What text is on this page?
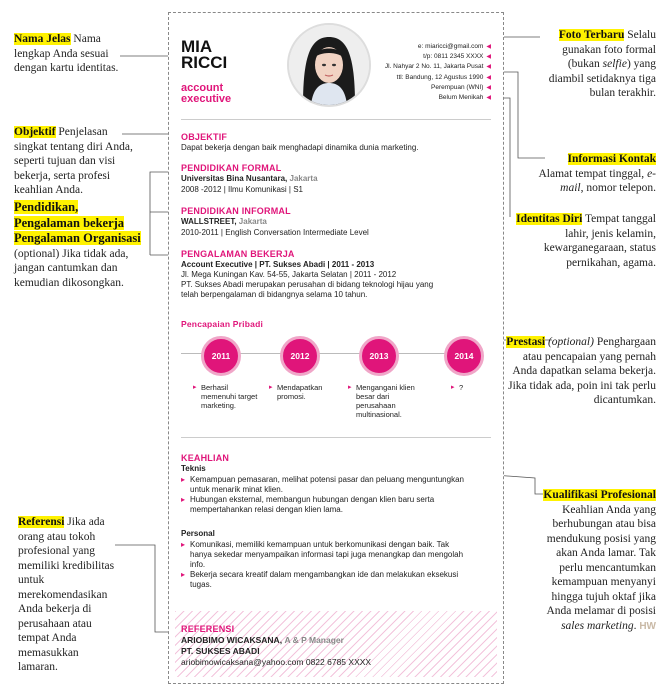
Nama Jelas Nama lengkap Anda sesuai dengan kartu identitas.
Objektif Penjelasan singkat tentang diri Anda, seperti tujuan dan visi bekerja, serta profesi keahlian Anda.
Pendidikan, Pengalaman bekerja Pengalaman Organisasi (optional) Jika tidak ada, jangan cantumkan dan kemudian dikosongkan.
Referensi Jika ada orang atau tokoh profesional yang memiliki kredibilitas untuk merekomendasikan Anda bekerja di perusahaan atau tempat Anda memasukkan lamaran.
Foto Terbaru Selalu gunakan foto formal (bukan selfie) yang diambil setidaknya tiga bulan terakhir.
Informasi Kontak
Alamat tempat tinggal, e-mail, nomor telepon.
Identitas Diri Tempat tanggal lahir, jenis kelamin, kewarganegaraan, status pernikahan, agama.
Prestasi (optional) Penghargaan atau pencapaian yang pernah Anda dapatkan selama bekerja. Jika tidak ada, poin ini tak perlu dicantumkan.
Kualifikasi Profesional
Keahlian Anda yang berhubungan atau bisa mendukung posisi yang akan Anda lamar. Tak perlu mencantumkan kemampuan menyanyi hingga tujuh oktaf jika Anda melamar di posisi sales marketing. HW
MIA
RICCI
account
executive
e: miaricci@gmail.com ◀
t/p: 0811 2345 XXXX ◀
Jl. Nahyar 2 No. 11, Jakarta Pusat ◀
ttl: Bandung, 12 Agustus 1990 ◀
Perempuan (WNI) ◀
Belum Menikah ◀
OBJEKTIF
Dapat bekerja dengan baik menghadapi dinamika dunia marketing.
PENDIDIKAN FORMAL
Universitas Bina Nusantara, Jakarta
2008 -2012 | Ilmu Komunikasi | S1
PENDIDIKAN INFORMAL
WALLSTREET, Jakarta
2010-2011 | English Conversation Intermediate Level
PENGALAMAN BEKERJA
Account Executive | PT. Sukses Abadi | 2011 - 2013
Jl. Mega Kuningan Kav. 54-55, Jakarta Selatan | 2011 - 2012
PT. Sukses Abadi merupakan perusahan di bidang teknologi hijau yang
telah berpengalaman di bidangnya selama 10 tahun.
Pencapaian Pribadi
2011	2012	2013	2014
▸ Berhasil memenuhi target marketing.
▸ Mendapatkan promosi.
▸ Mengangani klien besar dari perusahaan multinasional.
▸ ?
KEAHLIAN
Teknis
▸ Kemampuan pemasaran, melihat potensi pasar dan peluang menguntungkan untuk menarik minat klien.
▸ Hubungan eksternal, membangun hubungan dengan klien baru serta mempertahankan relasi dengan klien lama.
Personal
▸ Komunikasi, memiliki kemampuan untuk berkomunikasi dengan baik. Tak hanya sekedar menyampaikan informasi tapi juga menangkap dan mengolah info.
▸ Bekerja secara kreatif dalam mengambangkan ide dan melakukan eksekusi tugas.
REFERENSI
ARIOBIMO WICAKSANA, A & P Manager
PT. SUKSES ABADI
ariobimowicaksana@yahoo.com 0822 6785 XXXX
